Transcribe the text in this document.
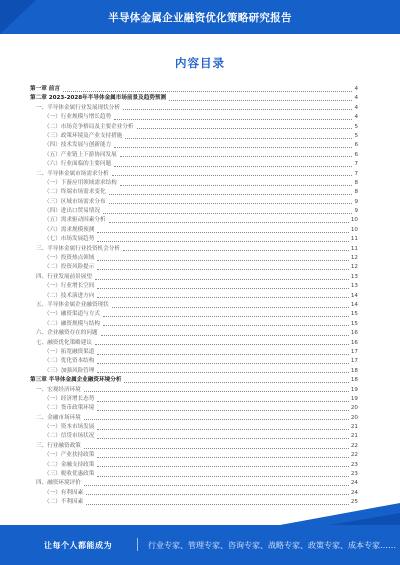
半导体金属企业融资优化策略研究报告
内容目录
第一章 前言	4
第二章 2023-2028年半导体金属市场前景及趋势预测	4
一、半导体金属行业发展现状分析	4
（一）行业规模与增长趋势	4
（二）市场竞争格局及主要企业分析	5
（三）政策环境及产业支持措施	5
（四）技术发展与创新能力	6
（五）产业链上下游协同发展	6
（六）行业面临的主要问题	7
二、半导体金属市场需求分析	7
（一）下游应用领域需求结构	8
（二）终端市场需求变化	8
（三）区域市场需求分布	9
（四）进出口贸易情况	9
（五）需求驱动因素分析	10
（六）需求规模预测	10
（七）市场发展趋势	11
三、半导体金属行业投资机会分析	11
（一）投资热点领域	12
（二）投资风险提示	12
四、行业发展前景展望	13
（一）行业增长空间	13
（二）技术演进方向	14
五、半导体金属企业融资现状	14
（一）融资渠道与方式	15
（二）融资规模与结构	15
六、企业融资存在的问题	16
七、融资优化策略建议	16
（一）拓宽融资渠道	17
（二）优化资本结构	17
（三）加强风险管理	18
第三章 半导体金属企业融资环境分析	18
一、宏观经济环境	19
（一）经济增长态势	19
（二）货币政策环境	20
二、金融市场环境	20
（一）资本市场发展	21
（二）信贷市场状况	21
三、行业融资政策	22
（一）产业扶持政策	22
（二）金融支持政策	23
（三）税收优惠政策	23
四、融资环境评价	24
（一）有利因素	24
（二）不利因素	25
让每个人都能成为	行业专家、管理专家、咨询专家、战略专家、政策专家、成本专家……
